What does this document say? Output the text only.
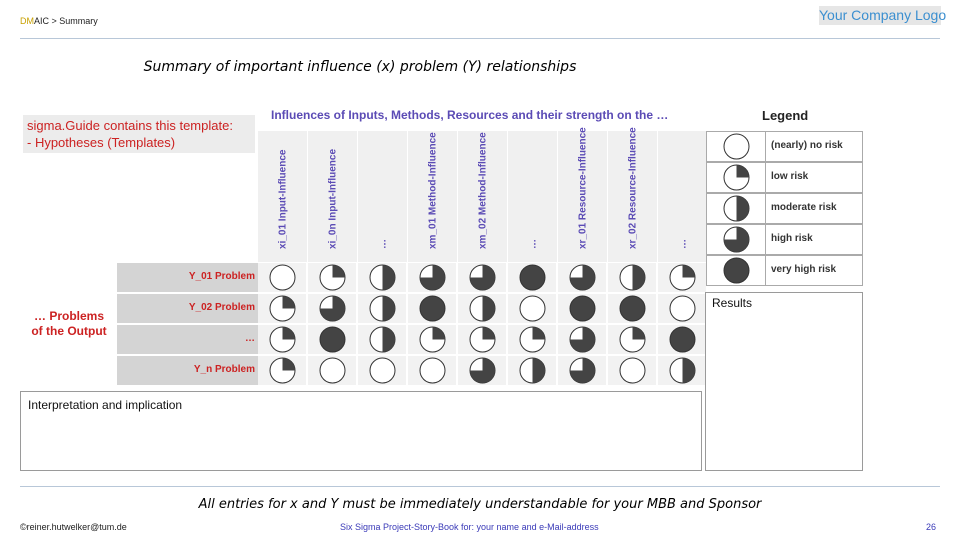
DMAIC > Summary	Your Company Logo
Summary of important influence (x) problem (Y) relationships
sigma.Guide contains this template:
- Hypotheses (Templates)
Influences of Inputs, Methods, Resources and their strength on the …	Legend
xi_01 Input-Influence	xi_0n Input-Influence	…	xm_01 Method-Influence	xm_02 Method-Influence	…	xr_01 Resource-Influence	xr_02 Resource-Influence	…
Y_01 Problem
Y_02 Problem
…
Y_n Problem
… Problems
of the Output
(nearly) no risk
low risk
moderate risk
high risk
very high risk
Results
Interpretation and implication
All entries for x and Y must be immediately understandable for your MBB and Sponsor
©reiner.hutwelker@tum.de	Six Sigma Project-Story-Book for: your name and e-Mail-address	26
